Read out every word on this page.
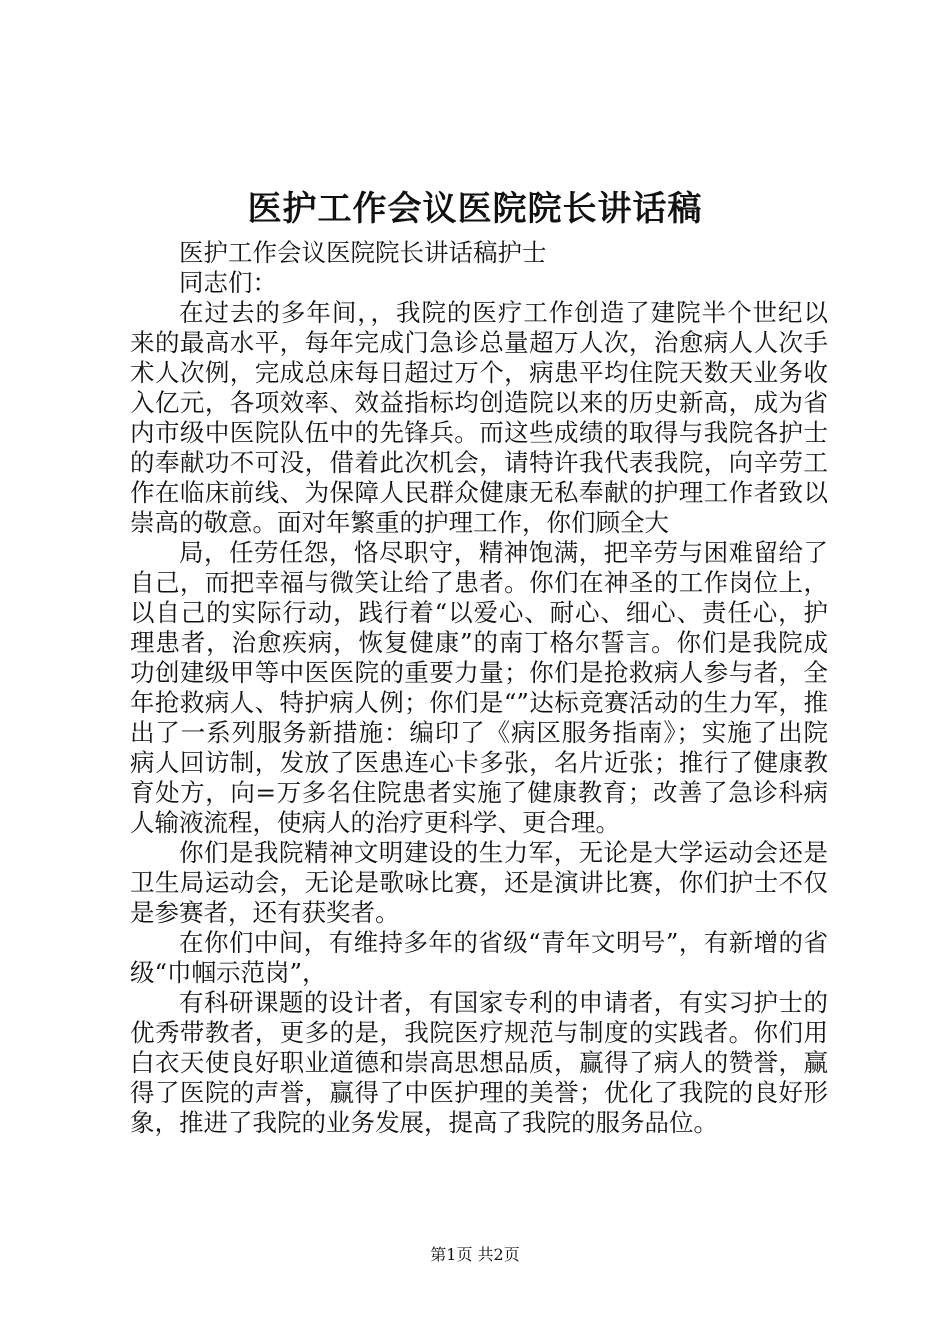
医护工作会议医院院长讲话稿

医护工作会议医院院长讲话稿护士

同志们：

在过去的多年间，，我院的医疗工作创造了建院半个世纪以来的最高水平，每年完成门急诊总量超万人次，治愈病人人次手术人次例，完成总床每日超过万个，病患平均住院天数天业务收入亿元，各项效率、效益指标均创造院以来的历史新高，成为省内市级中医院队伍中的先锋兵。而这些成绩的取得与我院各护士的奉献功不可没，借着此次机会，请特许我代表我院，向辛劳工作在临床前线、为保障人民群众健康无私奉献的护理工作者致以崇高的敬意。面对年繁重的护理工作，你们顾全大

局，任劳任怨，恪尽职守，精神饱满，把辛劳与困难留给了自己，而把幸福与微笑让给了患者。你们在神圣的工作岗位上，以自己的实际行动，践行着“以爱心、耐心、细心、责任心，护理患者，治愈疾病，恢复健康”的南丁格尔誓言。你们是我院成功创建级甲等中医医院的重要力量；你们是抢救病人参与者，全年抢救病人、特护病人例；你们是“”达标竞赛活动的生力军，推出了一系列服务新措施：编印了《病区服务指南》；实施了出院病人回访制，发放了医患连心卡多张，名片近张；推行了健康教育处方，向=万多名住院患者实施了健康教育；改善了急诊科病人输液流程，使病人的治疗更科学、更合理。

你们是我院精神文明建设的生力军，无论是大学运动会还是卫生局运动会，无论是歌咏比赛，还是演讲比赛，你们护士不仅是参赛者，还有获奖者。

在你们中间，有维持多年的省级“青年文明号”，有新增的省级“巾帼示范岗”，

有科研课题的设计者，有国家专利的申请者，有实习护士的优秀带教者，更多的是，我院医疗规范与制度的实践者。你们用白衣天使良好职业道德和崇高思想品质，赢得了病人的赞誉，赢得了医院的声誉，赢得了中医护理的美誉；优化了我院的良好形象，推进了我院的业务发展，提高了我院的服务品位。

第1页 共2页
